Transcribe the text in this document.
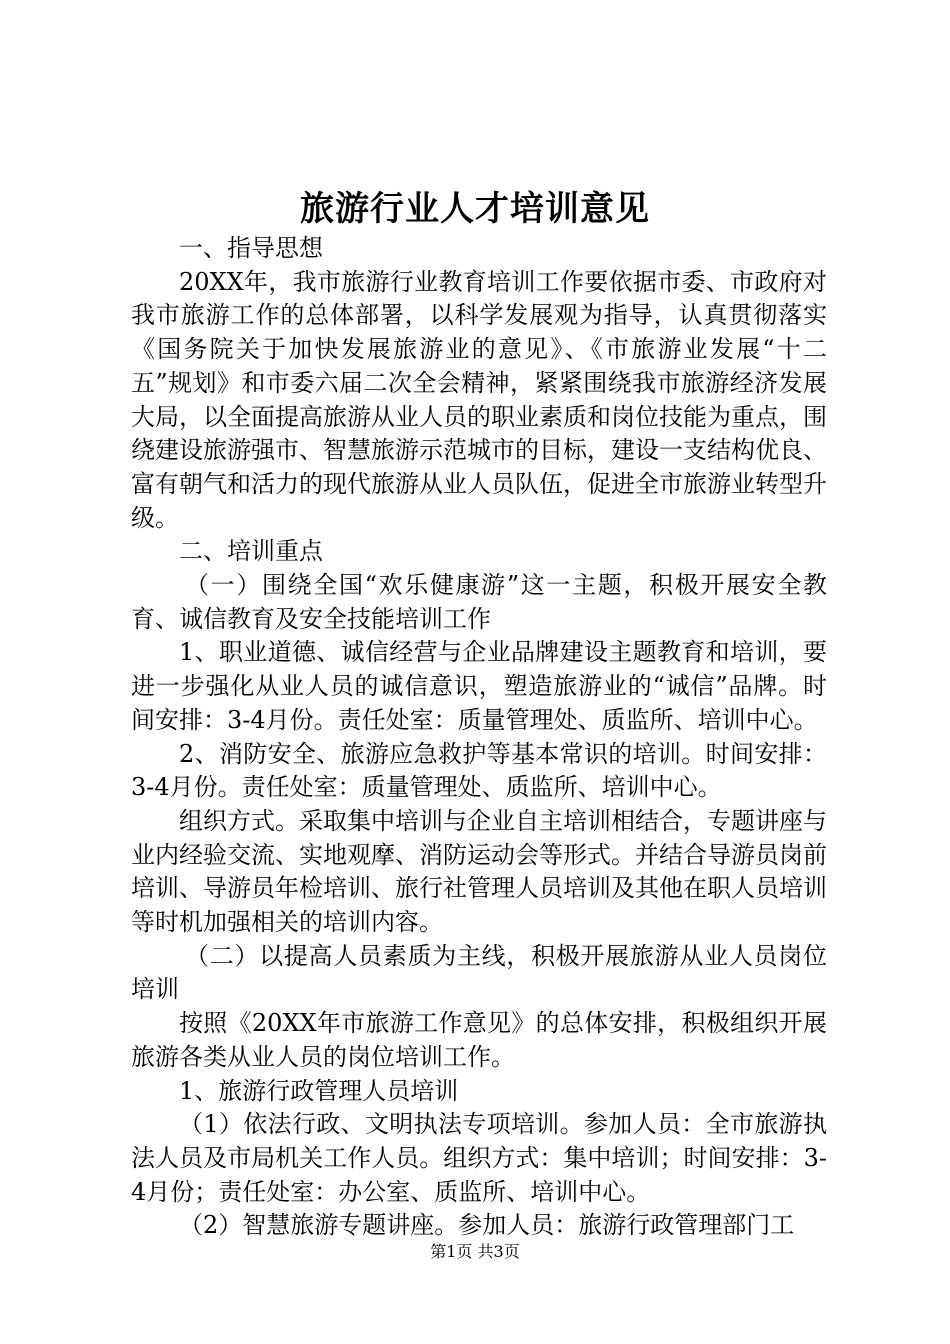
旅游行业人才培训意见

一、指导思想

20XX年，我市旅游行业教育培训工作要依据市委、市政府对我市旅游工作的总体部署，以科学发展观为指导，认真贯彻落实《国务院关于加快发展旅游业的意见》、《市旅游业发展“十二五”规划》和市委六届二次全会精神，紧紧围绕我市旅游经济发展大局，以全面提高旅游从业人员的职业素质和岗位技能为重点，围绕建设旅游强市、智慧旅游示范城市的目标，建设一支结构优良、富有朝气和活力的现代旅游从业人员队伍，促进全市旅游业转型升级。

二、培训重点

（一）围绕全国“欢乐健康游”这一主题，积极开展安全教育、诚信教育及安全技能培训工作

1、职业道德、诚信经营与企业品牌建设主题教育和培训，要进一步强化从业人员的诚信意识，塑造旅游业的“诚信”品牌。时间安排：3-4月份。责任处室：质量管理处、质监所、培训中心。

2、消防安全、旅游应急救护等基本常识的培训。时间安排：3-4月份。责任处室：质量管理处、质监所、培训中心。

组织方式。采取集中培训与企业自主培训相结合，专题讲座与业内经验交流、实地观摩、消防运动会等形式。并结合导游员岗前培训、导游员年检培训、旅行社管理人员培训及其他在职人员培训等时机加强相关的培训内容。

（二）以提高人员素质为主线，积极开展旅游从业人员岗位培训

按照《20XX年市旅游工作意见》的总体安排，积极组织开展旅游各类从业人员的岗位培训工作。

1、旅游行政管理人员培训

（1）依法行政、文明执法专项培训。参加人员：全市旅游执法人员及市局机关工作人员。组织方式：集中培训；时间安排：3-4月份；责任处室：办公室、质监所、培训中心。

（2）智慧旅游专题讲座。参加人员：旅游行政管理部门工

第1页 共3页
